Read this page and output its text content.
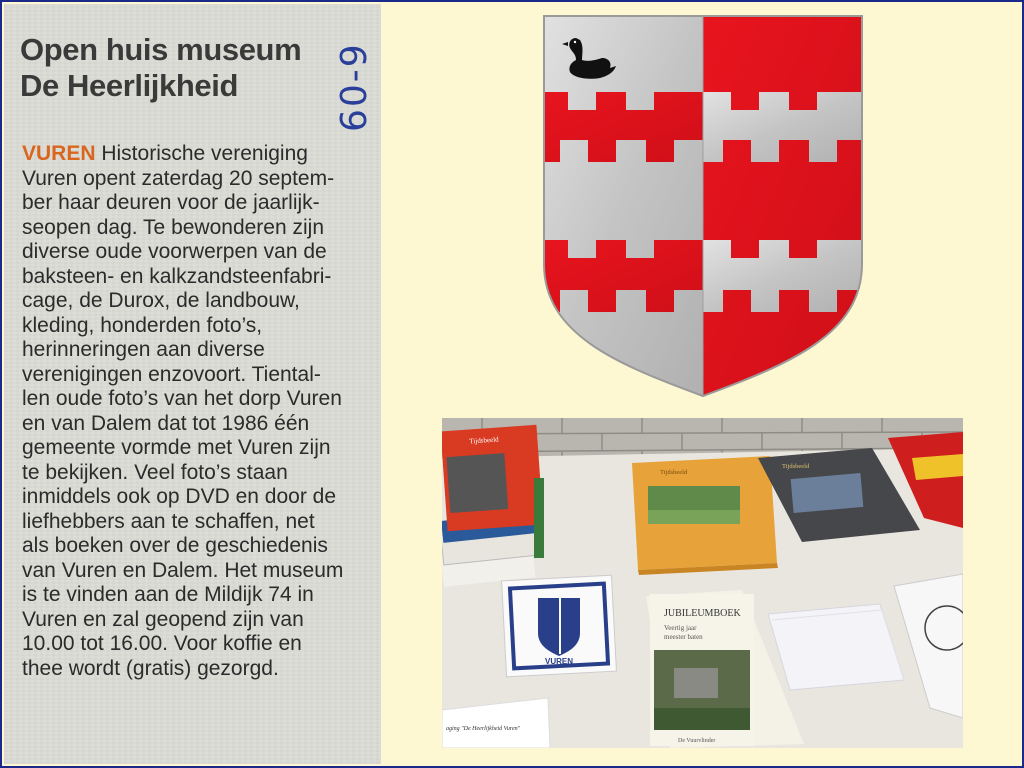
Open huis museum
De Heerlijkheid	60-9

VUREN Historische vereniging
Vuren opent zaterdag 20 septem-
ber haar deuren voor de jaarlijk-
seopen dag. Te bewonderen zijn
diverse oude voorwerpen van de
baksteen- en kalkzandsteenfabri-
cage, de Durox, de landbouw,
kleding, honderden foto’s,
herinneringen aan diverse
verenigingen enzovoort. Tiental-
len oude foto’s van het dorp Vuren
en van Dalem dat tot 1986 één
gemeente vormde met Vuren zijn
te bekijken. Veel foto’s staan
inmiddels ook op DVD en door de
liefhebbers aan te schaffen, net
als boeken over de geschiedenis
van Vuren en Dalem. Het museum
is te vinden aan de Mildijk 74 in
Vuren en zal geopend zijn van
10.00 tot 16.00. Voor koffie en
thee wordt (gratis) gezorgd.

Tijdsbeeld
Tijdsbeeld
Tijdsbeeld
VUREN
JUBILEUMBOEK
Veertig jaar
meester baten
De Vuurvlinder
aging "De Heerlijkheid Vuren"
